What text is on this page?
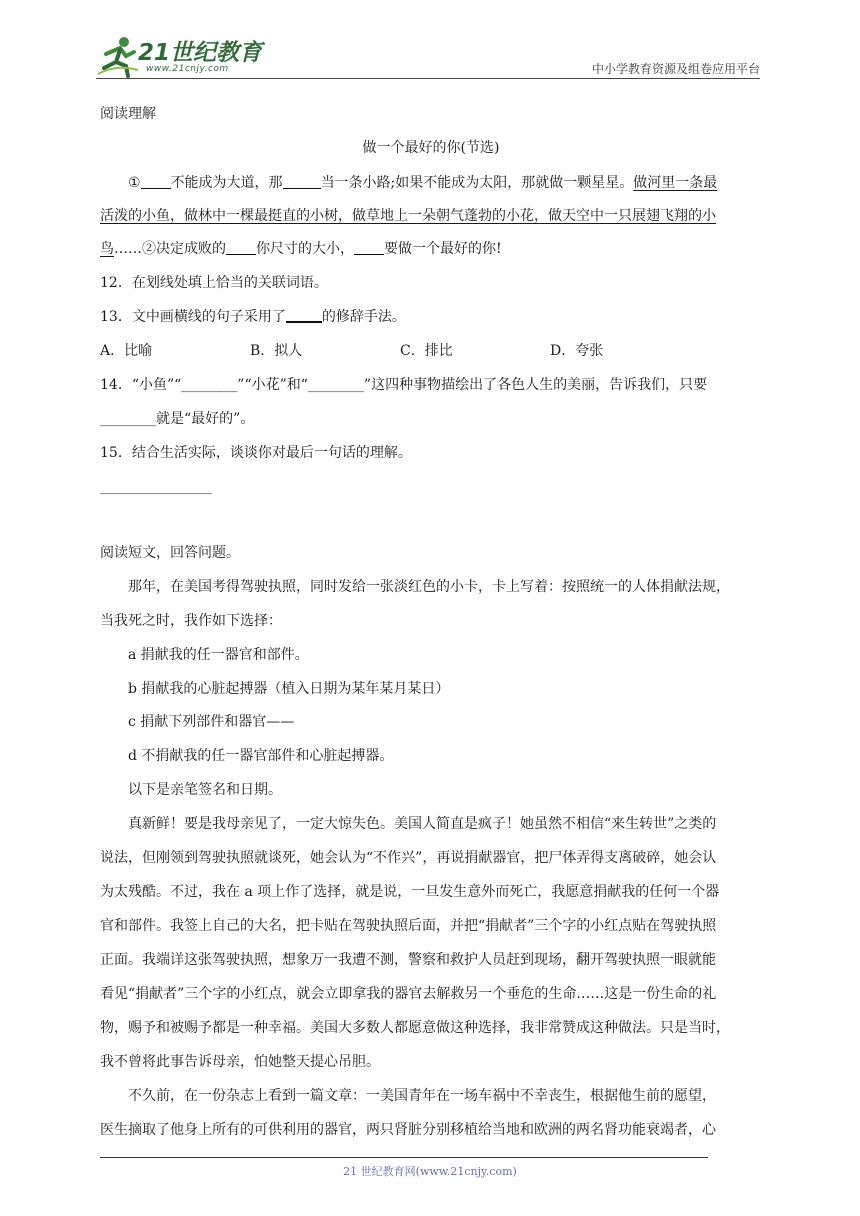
21世纪教育
www.21cnjy.com	中小学教育资源及组卷应用平台
阅读理解
做一个最好的你(节选)
① 不能成为大道，那	当一条小路;如果不能成为太阳，那就做一颗星星。做河里一条最
活泼的小鱼，做林中一棵最挺直的小树，做草地上一朵朝气蓬勃的小花，做天空中一只展翅飞翔的小
鸟……②决定成败的 你尺寸的大小， 要做一个最好的你!
12．在划线处填上恰当的关联词语。
13．文中画横线的句子采用了	的修辞手法。
A．比喻	B．拟人	C．排比	D．夸张
14．“小鱼”“________”“小花”和“________”这四种事物描绘出了各色人生的美丽，告诉我们，只要
________就是“最好的”。
15．结合生活实际，谈谈你对最后一句话的理解。
________________
阅读短文，回答问题。
那年，在美国考得驾驶执照，同时发给一张淡红色的小卡，卡上写着：按照统一的人体捐献法规，
当我死之时，我作如下选择：
a 捐献我的任一器官和部件。
b 捐献我的心脏起搏器（植入日期为某年某月某日）
c 捐献下列部件和器官——
d 不捐献我的任一器官部件和心脏起搏器。
以下是亲笔签名和日期。
真新鲜！要是我母亲见了，一定大惊失色。美国人简直是疯子！她虽然不相信“来生转世”之类的
说法，但刚领到驾驶执照就谈死，她会认为“不作兴”，再说捐献器官，把尸体弄得支离破碎，她会认
为太残酷。不过，我在 a 项上作了选择，就是说，一旦发生意外而死亡，我愿意捐献我的任何一个器
官和部件。我签上自己的大名，把卡贴在驾驶执照后面，并把“捐献者”三个字的小红点贴在驾驶执照
正面。我端详这张驾驶执照，想象万一我遭不测，警察和救护人员赶到现场，翻开驾驶执照一眼就能
看见“捐献者”三个字的小红点，就会立即拿我的器官去解救另一个垂危的生命……这是一份生命的礼
物，赐予和被赐予都是一种幸福。美国大多数人都愿意做这种选择，我非常赞成这种做法。只是当时，
我不曾将此事告诉母亲，怕她整天提心吊胆。
不久前，在一份杂志上看到一篇文章：一美国青年在一场车祸中不幸丧生，根据他生前的愿望，
医生摘取了他身上所有的可供利用的器官，两只肾脏分别移植给当地和欧洲的两名肾功能衰竭者，心
21 世纪教育网(www.21cnjy.com)
